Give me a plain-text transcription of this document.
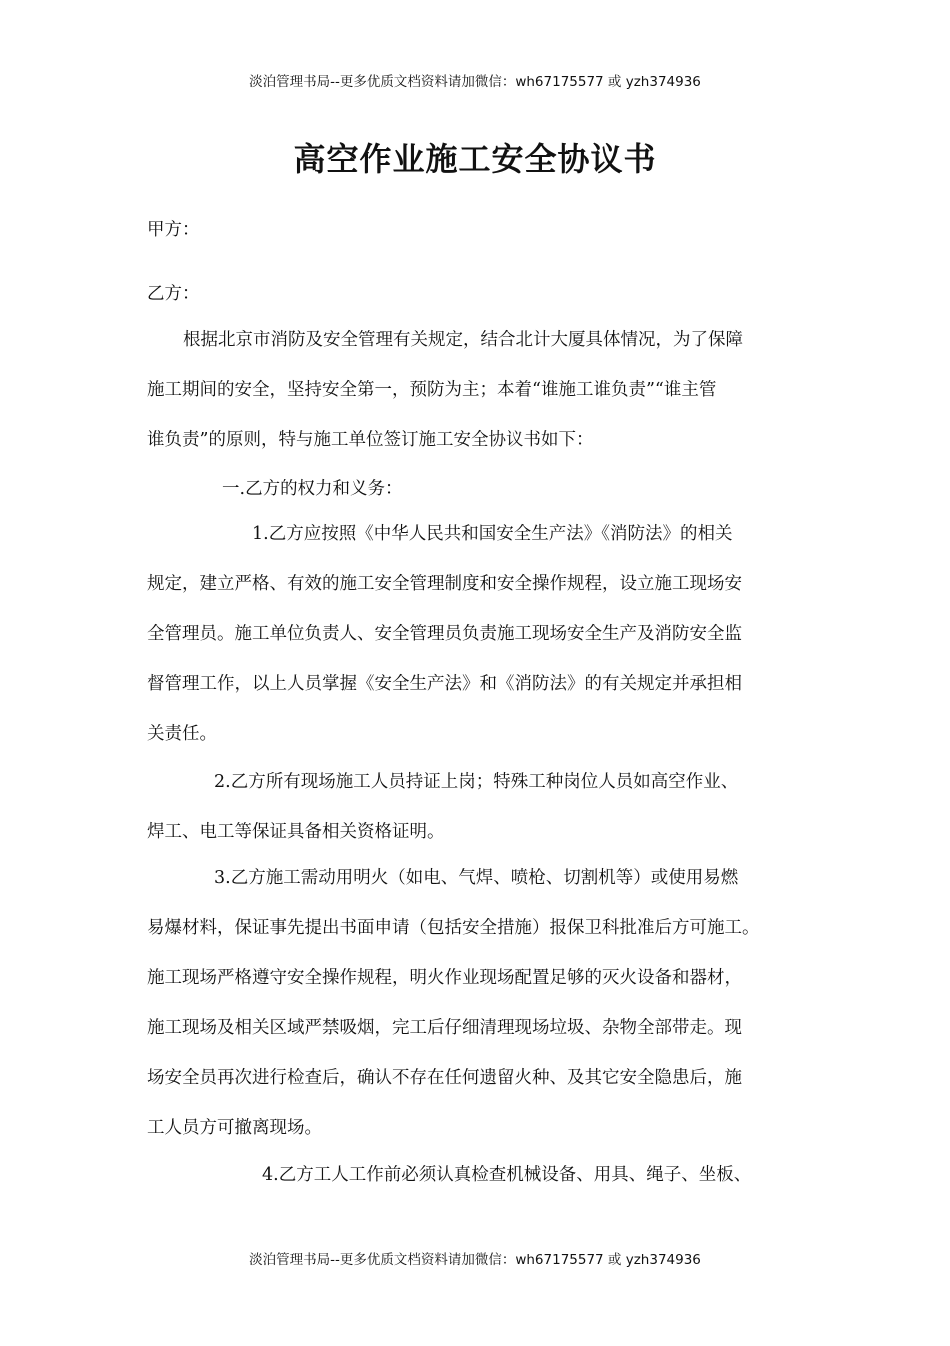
淡泊管理书局--更多优质文档资料请加微信：wh67175577 或 yzh374936
高空作业施工安全协议书
甲方：
乙方：
根据北京市消防及安全管理有关规定，结合北计大厦具体情况，为了保障
施工期间的安全，坚持安全第一，预防为主；本着“谁施工谁负责”“谁主管
谁负责”的原则，特与施工单位签订施工安全协议书如下：
一.乙方的权力和义务：
1.乙方应按照《中华人民共和国安全生产法》《消防法》的相关
规定，建立严格、有效的施工安全管理制度和安全操作规程，设立施工现场安
全管理员。施工单位负责人、安全管理员负责施工现场安全生产及消防安全监
督管理工作，以上人员掌握《安全生产法》和《消防法》的有关规定并承担相
关责任。
2.乙方所有现场施工人员持证上岗；特殊工种岗位人员如高空作业、
焊工、电工等保证具备相关资格证明。
3.乙方施工需动用明火（如电、气焊、喷枪、切割机等）或使用易燃
易爆材料，保证事先提出书面申请（包括安全措施）报保卫科批准后方可施工。
施工现场严格遵守安全操作规程，明火作业现场配置足够的灭火设备和器材，
施工现场及相关区域严禁吸烟，完工后仔细清理现场垃圾、杂物全部带走。现
场安全员再次进行检查后，确认不存在任何遗留火种、及其它安全隐患后，施
工人员方可撤离现场。
4.乙方工人工作前必须认真检查机械设备、用具、绳子、坐板、
淡泊管理书局--更多优质文档资料请加微信：wh67175577 或 yzh374936
